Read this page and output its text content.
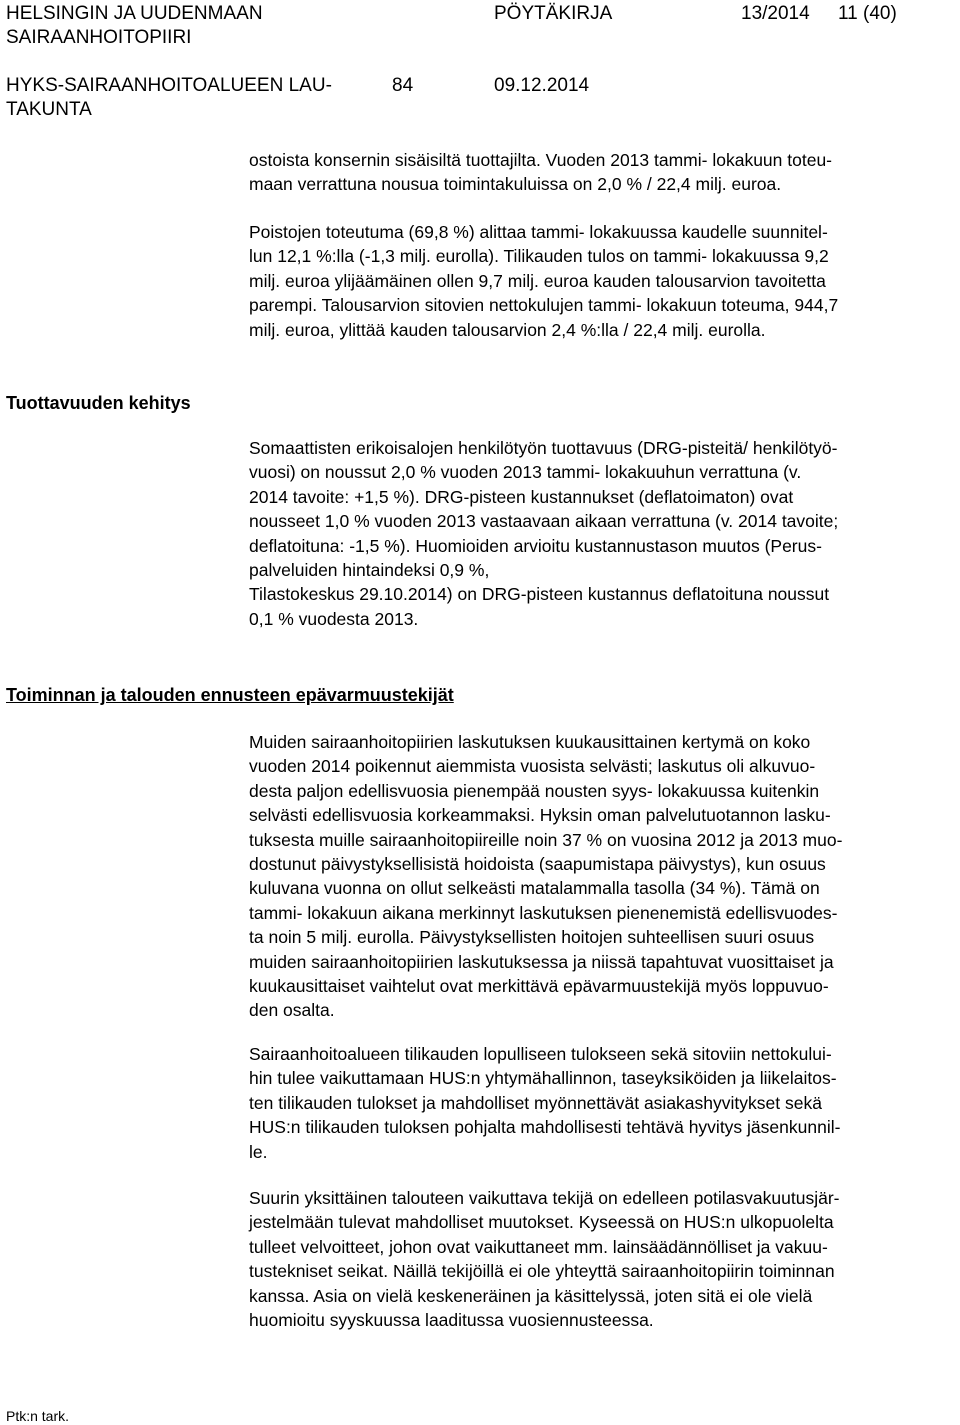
HELSINGIN JA UUDENMAAN
SAIRAANHOITOPIIRI
PÖYTÄKIRJA	13/2014 11 (40)
HYKS-SAIRAANHOITOALUEEN LAU-
TAKUNTA
84	09.12.2014
ostoista konsernin sisäisiltä tuottajilta. Vuoden 2013 tammi- lokakuun toteu-
maan verrattuna nousua toimintakuluissa on 2,0 % / 22,4 milj. euroa.
Poistojen toteutuma (69,8 %) alittaa tammi- lokakuussa kaudelle suunnitel-
lun 12,1 %:lla (-1,3 milj. eurolla). Tilikauden tulos on tammi- lokakuussa 9,2
milj. euroa ylijäämäinen ollen 9,7 milj. euroa kauden talousarvion tavoitetta
parempi. Talousarvion sitovien nettokulujen tammi- lokakuun toteuma, 944,7
milj. euroa, ylittää kauden talousarvion 2,4 %:lla / 22,4 milj. eurolla.
Tuottavuuden kehitys
Somaattisten erikoisalojen henkilötyön tuottavuus (DRG-pisteitä/ henkilötyö-
vuosi) on noussut 2,0 % vuoden 2013 tammi- lokakuuhun verrattuna (v.
2014 tavoite: +1,5 %). DRG-pisteen kustannukset (deflatoimaton) ovat
nousseet 1,0 % vuoden 2013 vastaavaan aikaan verrattuna (v. 2014 tavoite;
deflatoituna: -1,5 %). Huomioiden arvioitu kustannustason muutos (Perus-
palveluiden hintaindeksi 0,9 %,
Tilastokeskus 29.10.2014) on DRG-pisteen kustannus deflatoituna noussut
0,1 % vuodesta 2013.
Toiminnan ja talouden ennusteen epävarmuustekijät
Muiden sairaanhoitopiirien laskutuksen kuukausittainen kertymä on koko
vuoden 2014 poikennut aiemmista vuosista selvästi; laskutus oli alkuvuo-
desta paljon edellisvuosia pienempää nousten syys- lokakuussa kuitenkin
selvästi edellisvuosia korkeammaksi. Hyksin oman palvelutuotannon lasku-
tuksesta muille sairaanhoitopiireille noin 37 % on vuosina 2012 ja 2013 muo-
dostunut päivystyksellisistä hoidoista (saapumistapa päivystys), kun osuus
kuluvana vuonna on ollut selkeästi matalammalla tasolla (34 %). Tämä on
tammi- lokakuun aikana merkinnyt laskutuksen pienenemistä edellisvuodes-
ta noin 5 milj. eurolla. Päivystyksellisten hoitojen suhteellisen suuri osuus
muiden sairaanhoitopiirien laskutuksessa ja niissä tapahtuvat vuosittaiset ja
kuukausittaiset vaihtelut ovat merkittävä epävarmuustekijä myös loppuvuo-
den osalta.
Sairaanhoitoalueen tilikauden lopulliseen tulokseen sekä sitoviin nettokului-
hin tulee vaikuttamaan HUS:n yhtymähallinnon, taseyksiköiden ja liikelaitos-
ten tilikauden tulokset ja mahdolliset myönnettävät asiakashyvitykset sekä
HUS:n tilikauden tuloksen pohjalta mahdollisesti tehtävä hyvitys jäsenkunnil-
le.
Suurin yksittäinen talouteen vaikuttava tekijä on edelleen potilasvakuutusjär-
jestelmään tulevat mahdolliset muutokset. Kyseessä on HUS:n ulkopuolelta
tulleet velvoitteet, johon ovat vaikuttaneet mm. lainsäädännölliset ja vakuu-
tustekniset seikat. Näillä tekijöillä ei ole yhteyttä sairaanhoitopiirin toiminnan
kanssa. Asia on vielä keskeneräinen ja käsittelyssä, joten sitä ei ole vielä
huomioitu syyskuussa laaditussa vuosiennusteessa.
Ptk:n tark.
